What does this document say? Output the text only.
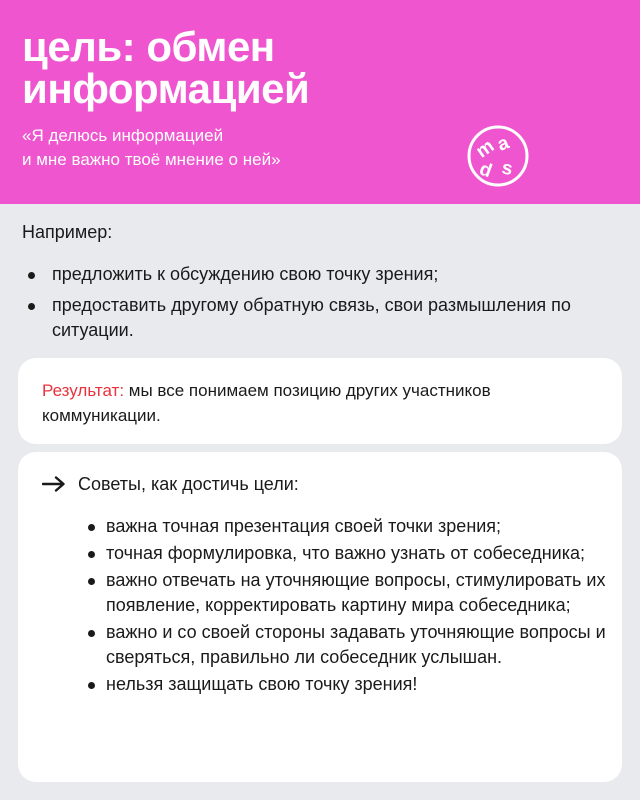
цель: обмен информацией
«Я делюсь информацией
и мне важно твоё мнение о ней»	m
a
d s
Например:
предложить к обсуждению свою точку зрения;
предоставить другому обратную связь, свои размышления по ситуации.
Результат: мы все понимаем позицию других участников коммуникации.
Советы, как достичь цели:
важна точная презентация своей точки зрения;
точная формулировка, что важно узнать от собеседника;
важно отвечать на уточняющие вопросы, стимулировать их появление, корректировать картину мира собеседника;
важно и со своей стороны задавать уточняющие вопросы и сверяться, правильно ли собеседник услышан.
нельзя защищать свою точку зрения!
